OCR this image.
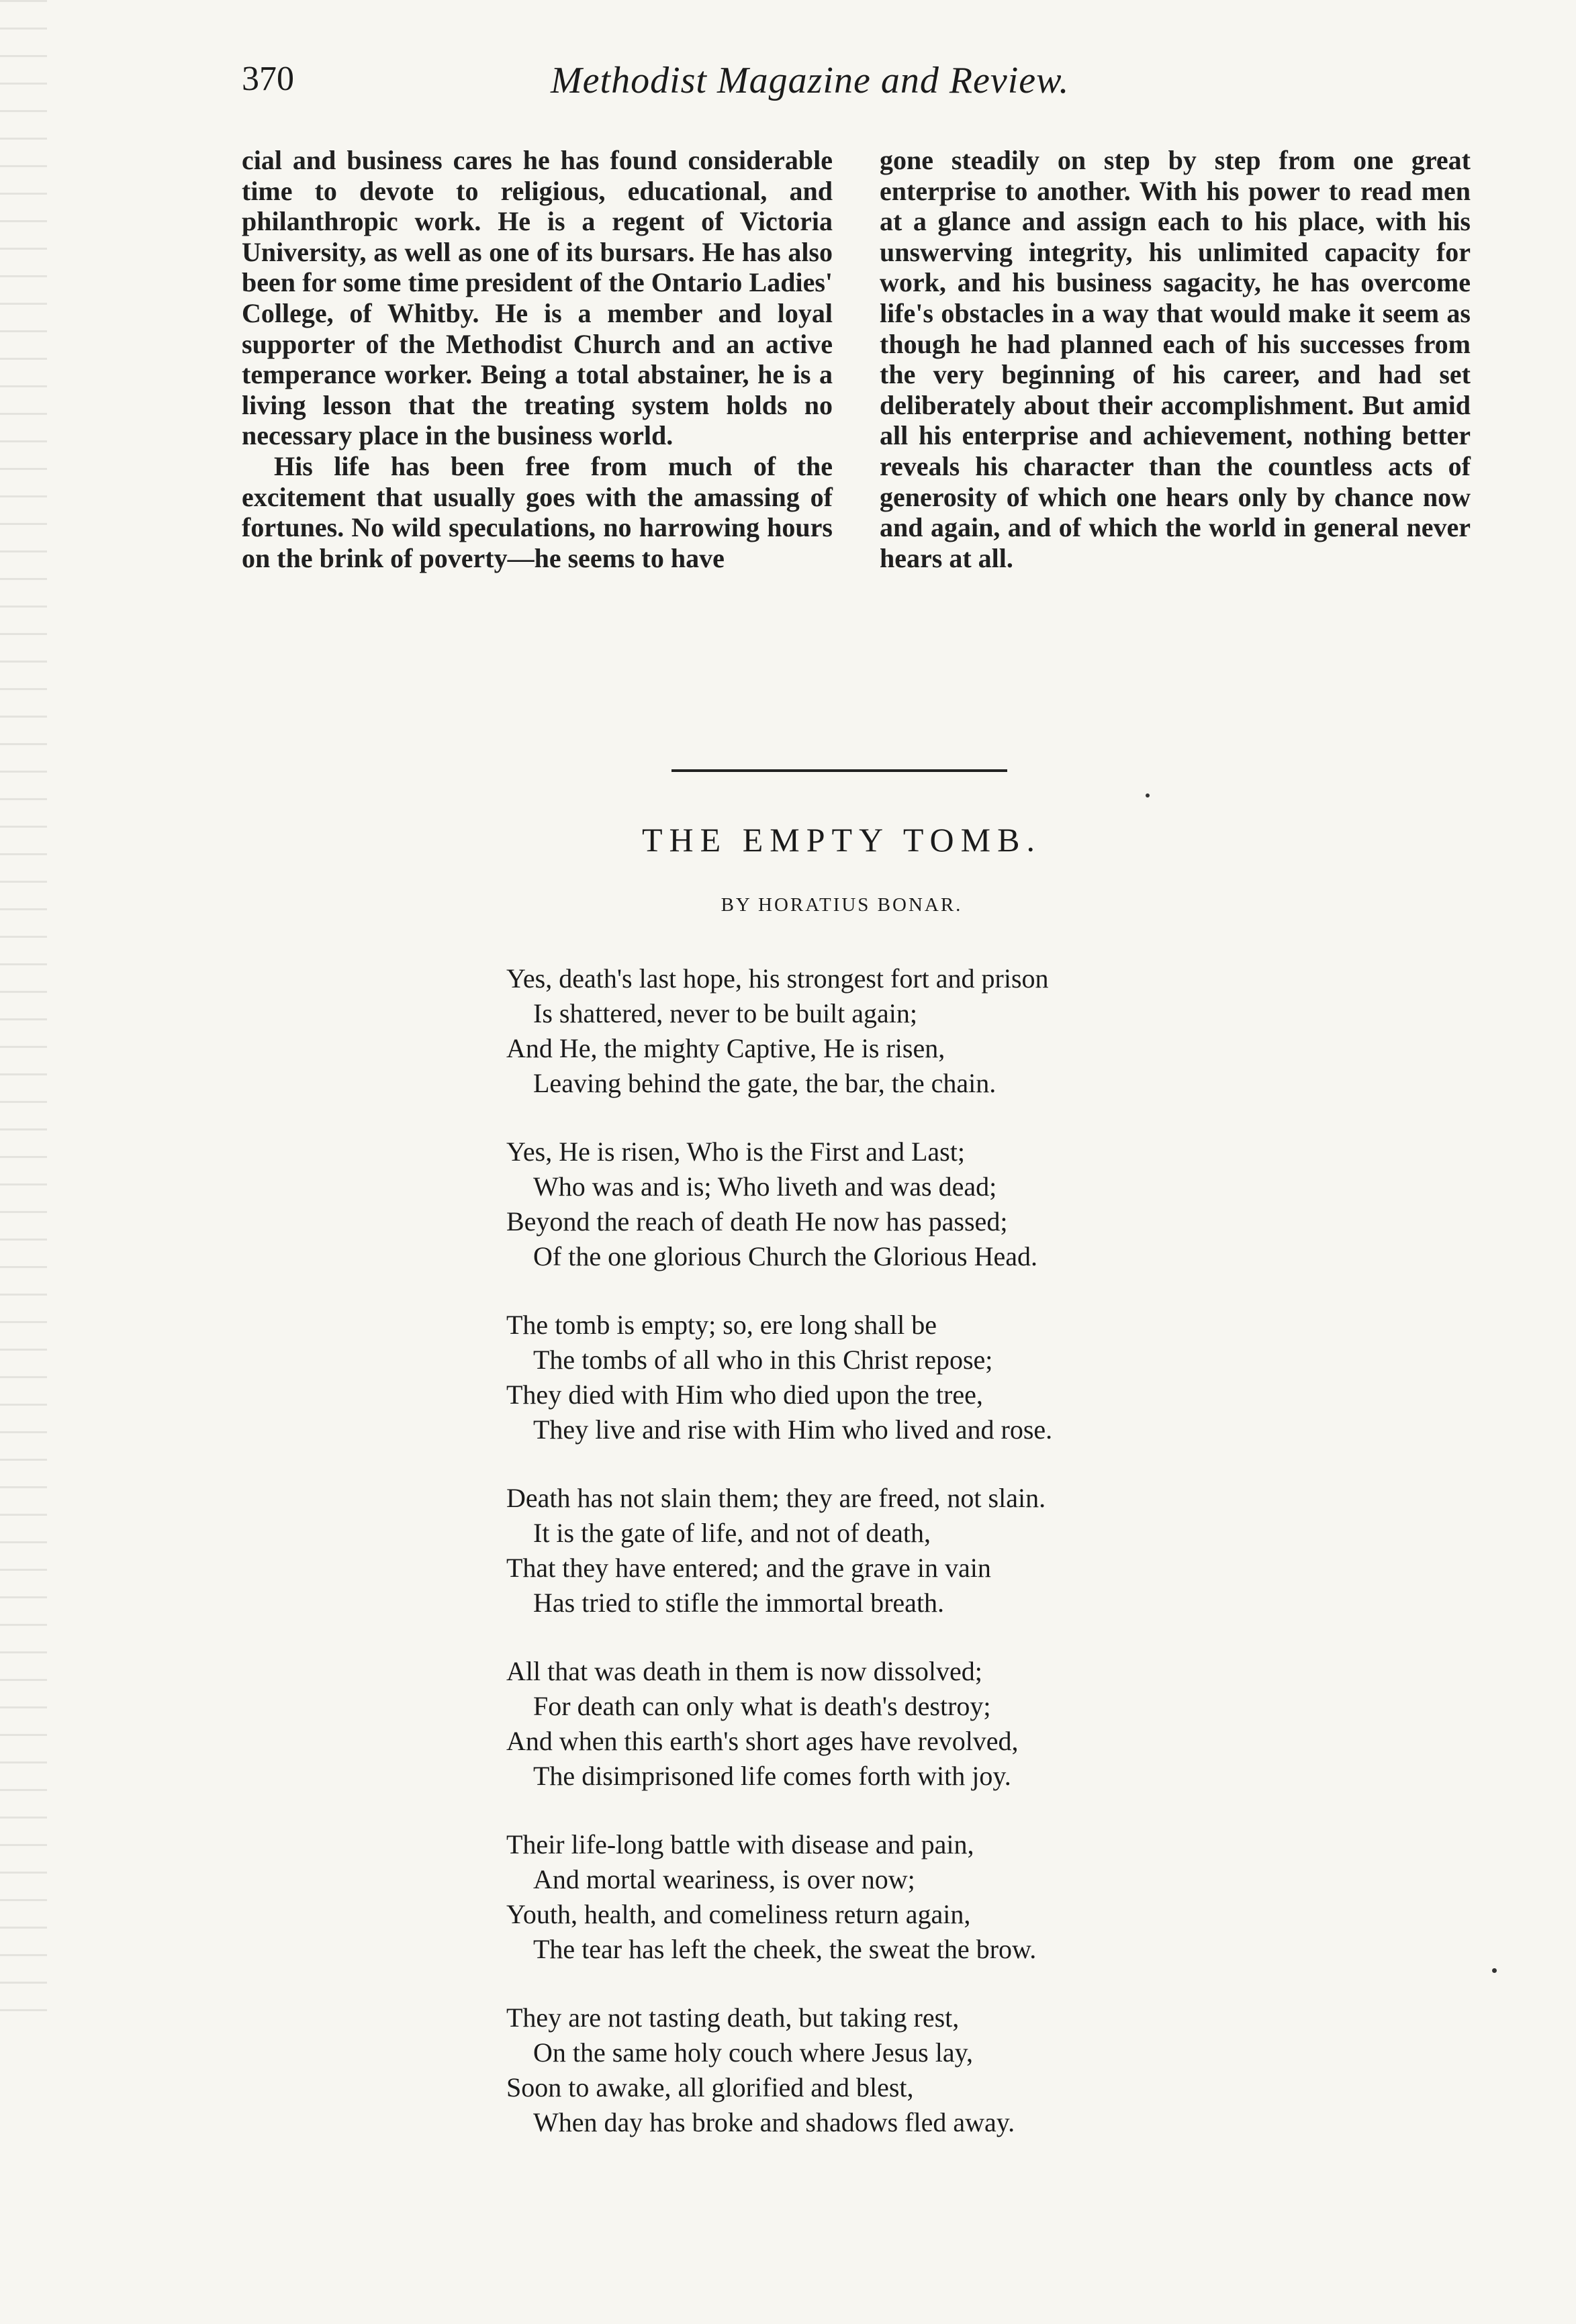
370	Methodist Magazine and Review.

cial and business cares he has found considerable time to devote to religious, educational, and philanthropic work. He is a regent of Victoria University, as well as one of its bursars. He has also been for some time president of the Ontario Ladies' College, of Whitby. He is a member and loyal supporter of the Methodist Church and an active temperance worker. Being a total abstainer, he is a living lesson that the treating system holds no necessary place in the business world.

His life has been free from much of the excitement that usually goes with the amassing of fortunes. No wild speculations, no harrowing hours on the brink of poverty—he seems to have

gone steadily on step by step from one great enterprise to another. With his power to read men at a glance and assign each to his place, with his unswerving integrity, his unlimited capacity for work, and his business sagacity, he has overcome life's obstacles in a way that would make it seem as though he had planned each of his successes from the very beginning of his career, and had set deliberately about their accomplishment. But amid all his enterprise and achievement, nothing better reveals his character than the countless acts of generosity of which one hears only by chance now and again, and of which the world in general never hears at all.

THE EMPTY TOMB.
BY HORATIUS BONAR.
Yes, death's last hope, his strongest fort and prison
Is shattered, never to be built again;
And He, the mighty Captive, He is risen,
Leaving behind the gate, the bar, the chain.
Yes, He is risen, Who is the First and Last;
Who was and is; Who liveth and was dead;
Beyond the reach of death He now has passed;
Of the one glorious Church the Glorious Head.
The tomb is empty; so, ere long shall be
The tombs of all who in this Christ repose;
They died with Him who died upon the tree,
They live and rise with Him who lived and rose.
Death has not slain them; they are freed, not slain.
It is the gate of life, and not of death,
That they have entered; and the grave in vain
Has tried to stifle the immortal breath.
All that was death in them is now dissolved;
For death can only what is death's destroy;
And when this earth's short ages have revolved,
The disimprisoned life comes forth with joy.
Their life-long battle with disease and pain,
And mortal weariness, is over now;
Youth, health, and comeliness return again,
The tear has left the cheek, the sweat the brow.
They are not tasting death, but taking rest,
On the same holy couch where Jesus lay,
Soon to awake, all glorified and blest,
When day has broke and shadows fled away.
